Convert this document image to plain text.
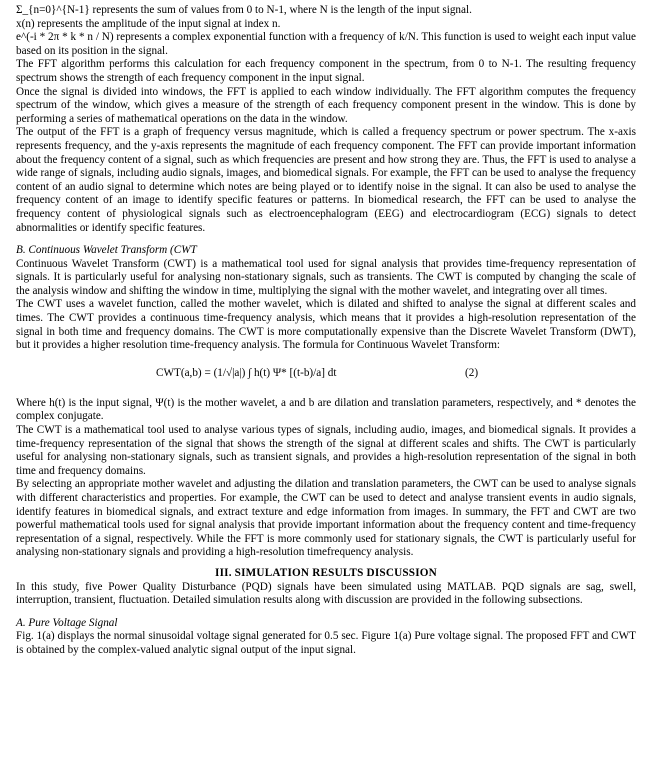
Σ_{n=0}^{N-1} represents the sum of values from 0 to N-1, where N is the length of the input signal.

x(n) represents the amplitude of the input signal at index n.

e^(-i * 2π * k * n / N) represents a complex exponential function with a frequency of k/N. This function is used to weight each input value based on its position in the signal.

The FFT algorithm performs this calculation for each frequency component in the spectrum, from 0 to N-1. The resulting frequency spectrum shows the strength of each frequency component in the input signal.

Once the signal is divided into windows, the FFT is applied to each window individually. The FFT algorithm computes the frequency spectrum of the window, which gives a measure of the strength of each frequency component present in the window. This is done by performing a series of mathematical operations on the data in the window.

The output of the FFT is a graph of frequency versus magnitude, which is called a frequency spectrum or power spectrum. The x-axis represents frequency, and the y-axis represents the magnitude of each frequency component. The FFT can provide important information about the frequency content of a signal, such as which frequencies are present and how strong they are. Thus, the FFT is used to analyse a wide range of signals, including audio signals, images, and biomedical signals. For example, the FFT can be used to analyse the frequency content of an audio signal to determine which notes are being played or to identify noise in the signal. It can also be used to analyse the frequency content of an image to identify specific features or patterns. In biomedical research, the FFT can be used to analyse the frequency content of physiological signals such as electroencephalogram (EEG) and electrocardiogram (ECG) signals to detect abnormalities or identify specific features.

B. Continuous Wavelet Transform (CWT

Continuous Wavelet Transform (CWT) is a mathematical tool used for signal analysis that provides time-frequency representation of signals. It is particularly useful for analysing non-stationary signals, such as transients. The CWT is computed by changing the scale of the analysis window and shifting the window in time, multiplying the signal with the mother wavelet, and integrating over all times.

The CWT uses a wavelet function, called the mother wavelet, which is dilated and shifted to analyse the signal at different scales and times. The CWT provides a continuous time-frequency analysis, which means that it provides a high-resolution representation of the signal in both time and frequency domains. The CWT is more computationally expensive than the Discrete Wavelet Transform (DWT), but it provides a higher resolution time-frequency analysis. The formula for Continuous Wavelet Transform:

CWT(a,b) = (1/√|a|) ∫ h(t) Ψ* [(t-b)/a] dt	(2)

Where h(t) is the input signal, Ψ(t) is the mother wavelet, a and b are dilation and translation parameters, respectively, and * denotes the complex conjugate.

The CWT is a mathematical tool used to analyse various types of signals, including audio, images, and biomedical signals. It provides a time-frequency representation of the signal that shows the strength of the signal at different scales and shifts. The CWT is particularly useful for analysing non-stationary signals, such as transient signals, and provides a high-resolution representation of the signal in both time and frequency domains.

By selecting an appropriate mother wavelet and adjusting the dilation and translation parameters, the CWT can be used to analyse signals with different characteristics and properties. For example, the CWT can be used to detect and analyse transient events in audio signals, identify features in biomedical signals, and extract texture and edge information from images. In summary, the FFT and CWT are two powerful mathematical tools used for signal analysis that provide important information about the frequency content and time-frequency representation of a signal, respectively. While the FFT is more commonly used for stationary signals, the CWT is particularly useful for analysing non-stationary signals and providing a high-resolution timefrequency analysis.

III. SIMULATION RESULTS DISCUSSION

In this study, five Power Quality Disturbance (PQD) signals have been simulated using MATLAB. PQD signals are sag, swell, interruption, transient, fluctuation. Detailed simulation results along with discussion are provided in the following subsections.

A. Pure Voltage Signal

Fig. 1(a) displays the normal sinusoidal voltage signal generated for 0.5 sec. Figure 1(a) Pure voltage signal. The proposed FFT and CWT is obtained by the complex-valued analytic signal output of the input signal.
